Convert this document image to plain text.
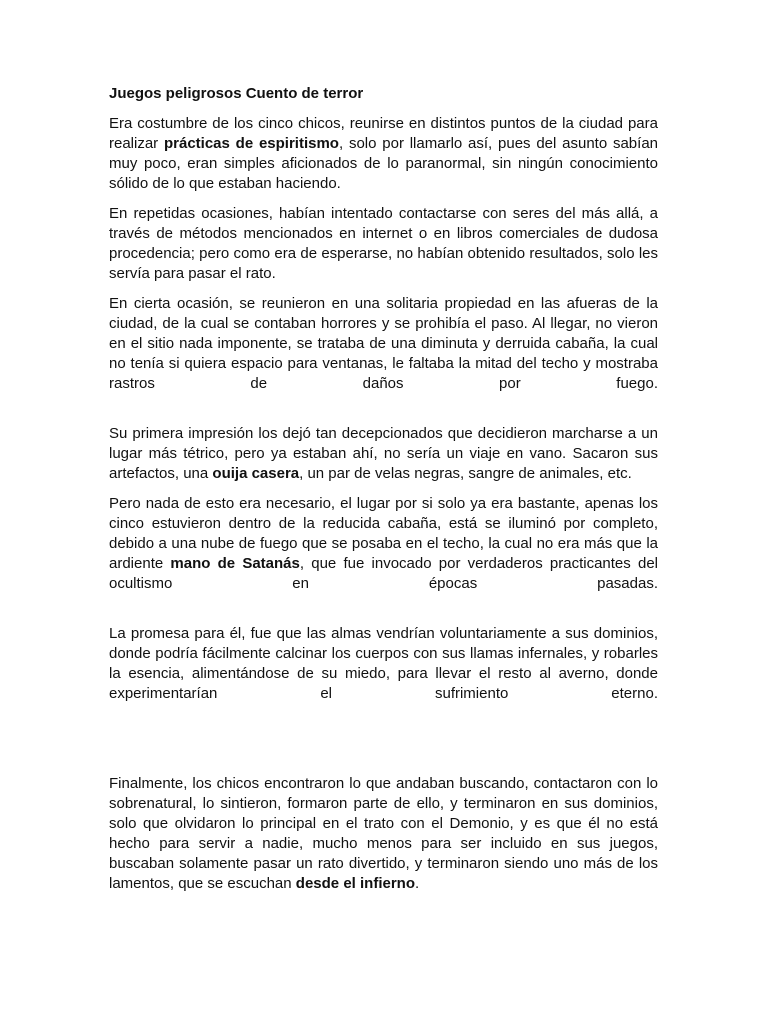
Juegos peligrosos Cuento de terror

Era costumbre de los cinco chicos, reunirse en distintos puntos de la ciudad para realizar prácticas de espiritismo, solo por llamarlo así, pues del asunto sabían muy poco, eran simples aficionados de lo paranormal, sin ningún conocimiento sólido de lo que estaban haciendo.

En repetidas ocasiones, habían intentado contactarse con seres del más allá, a través de métodos mencionados en internet o en libros comerciales de dudosa procedencia; pero como era de esperarse, no habían obtenido resultados, solo les servía para pasar el rato.

En cierta ocasión, se reunieron en una solitaria propiedad en las afueras de la ciudad, de la cual se contaban horrores y se prohibía el paso. Al llegar, no vieron en el sitio nada imponente, se trataba de una diminuta y derruida cabaña, la cual no tenía si quiera espacio para ventanas, le faltaba la mitad del techo y mostraba rastros de daños por fuego.

Su primera impresión los dejó tan decepcionados que decidieron marcharse a un lugar más tétrico, pero ya estaban ahí, no sería un viaje en vano. Sacaron sus artefactos, una ouija casera, un par de velas negras, sangre de animales, etc.

Pero nada de esto era necesario, el lugar por si solo ya era bastante, apenas los cinco estuvieron dentro de la reducida cabaña, está se iluminó por completo, debido a una nube de fuego que se posaba en el techo, la cual no era más que la ardiente mano de Satanás, que fue invocado por verdaderos practicantes del ocultismo en épocas pasadas.

La promesa para él, fue que las almas vendrían voluntariamente a sus dominios, donde podría fácilmente calcinar los cuerpos con sus llamas infernales, y robarles la esencia, alimentándose de su miedo, para llevar el resto al averno, donde experimentarían el sufrimiento eterno.

Finalmente, los chicos encontraron lo que andaban buscando, contactaron con lo sobrenatural, lo sintieron, formaron parte de ello, y terminaron en sus dominios, solo que olvidaron lo principal en el trato con el Demonio, y es que él no está hecho para servir a nadie, mucho menos para ser incluido en sus juegos, buscaban solamente pasar un rato divertido, y terminaron siendo uno más de los lamentos, que se escuchan desde el infierno.
